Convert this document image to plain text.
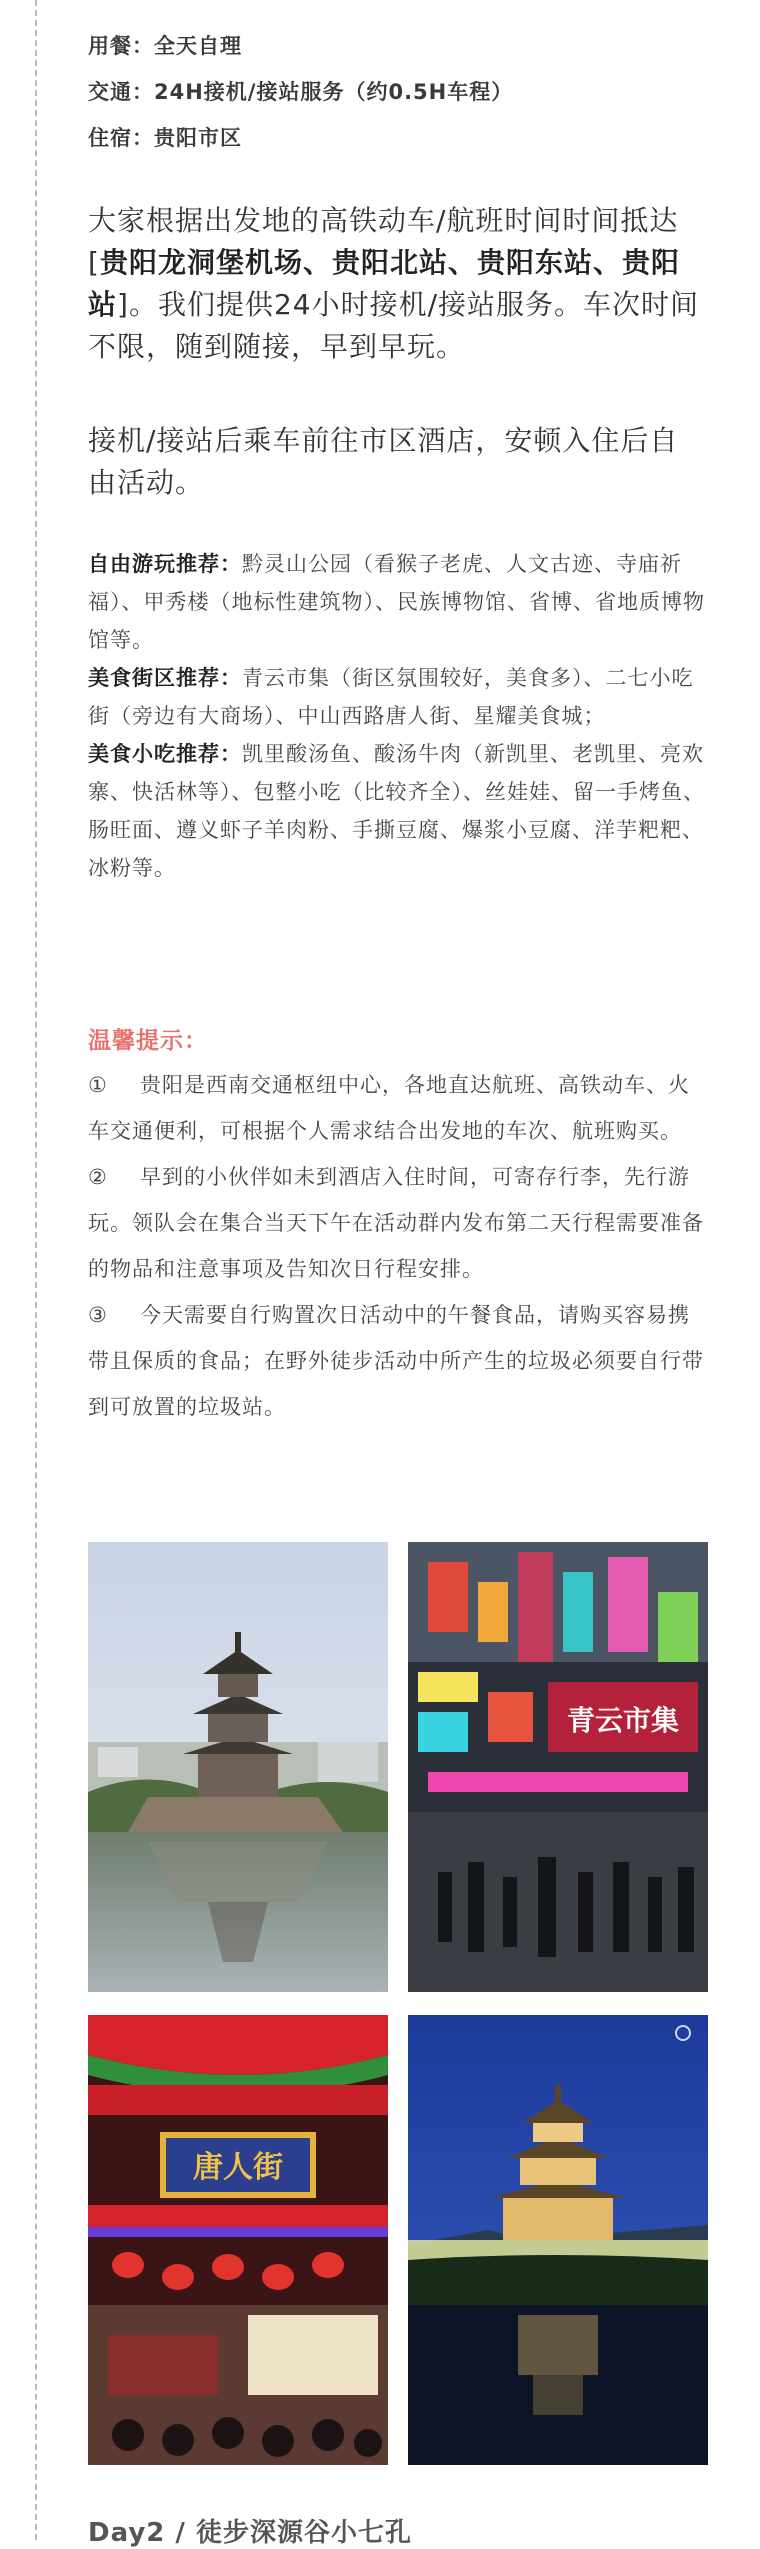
用餐：全天自理
交通：24H接机/接站服务（约0.5H车程）
住宿：贵阳市区

大家根据出发地的高铁动车/航班时间时间抵达[贵阳龙洞堡机场、贵阳北站、贵阳东站、贵阳站]。我们提供24小时接机/接站服务。车次时间不限，随到随接，早到早玩。

接机/接站后乘车前往市区酒店，安顿入住后自由活动。

自由游玩推荐：黔灵山公园（看猴子老虎、人文古迹、寺庙祈福）、甲秀楼（地标性建筑物）、民族博物馆、省博、省地质博物馆等。

美食街区推荐：青云市集（街区氛围较好，美食多）、二七小吃街（旁边有大商场）、中山西路唐人街、星耀美食城；

美食小吃推荐：凯里酸汤鱼、酸汤牛肉（新凯里、老凯里、亮欢寨、快活林等）、包整小吃（比较齐全）、丝娃娃、留一手烤鱼、肠旺面、遵义虾子羊肉粉、手撕豆腐、爆浆小豆腐、洋芋粑粑、冰粉等。

温馨提示：

① 贵阳是西南交通枢纽中心，各地直达航班、高铁动车、火车交通便利，可根据个人需求结合出发地的车次、航班购买。

② 早到的小伙伴如未到酒店入住时间，可寄存行李，先行游玩。领队会在集合当天下午在活动群内发布第二天行程需要准备的物品和注意事项及告知次日行程安排。

③ 今天需要自行购置次日活动中的午餐食品，请购买容易携带且保质的食品；在野外徒步活动中所产生的垃圾必须要自行带到可放置的垃圾站。

青云市集
唐人街
Day2 / 徒步深源谷小七孔
